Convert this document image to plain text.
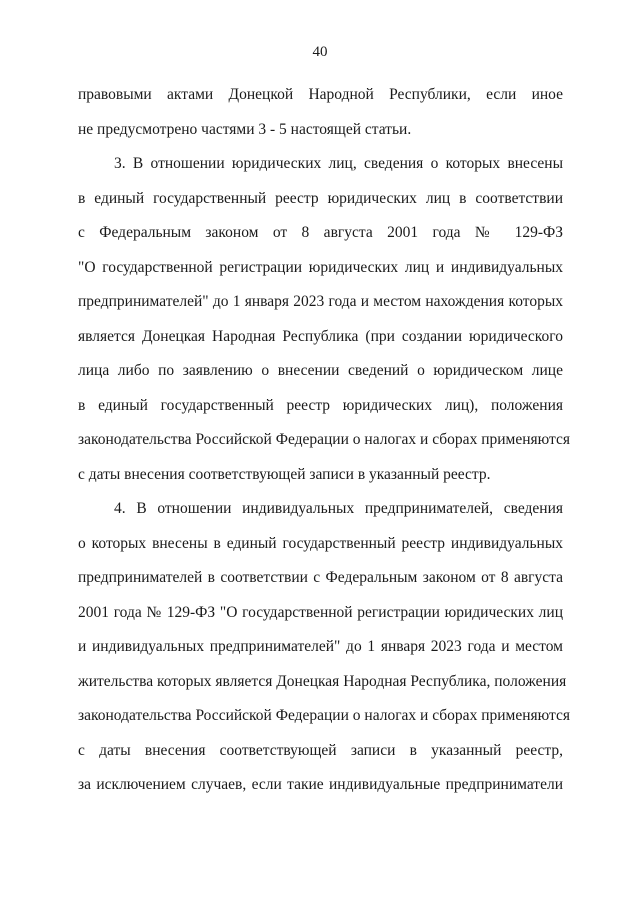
40
правовыми актами Донецкой Народной Республики, если иное
не предусмотрено частями 3 - 5 настоящей статьи.
3. В отношении юридических лиц, сведения о которых внесены
в единый государственный реестр юридических лиц в соответствии
с Федеральным законом от 8 августа 2001 года № 129-ФЗ
"О государственной регистрации юридических лиц и индивидуальных
предпринимателей" до 1 января 2023 года и местом нахождения которых
является Донецкая Народная Республика (при создании юридического
лица либо по заявлению о внесении сведений о юридическом лице
в единый государственный реестр юридических лиц), положения
законодательства Российской Федерации о налогах и сборах применяются
с даты внесения соответствующей записи в указанный реестр.
4. В отношении индивидуальных предпринимателей, сведения
о которых внесены в единый государственный реестр индивидуальных
предпринимателей в соответствии с Федеральным законом от 8 августа
2001 года № 129-ФЗ "О государственной регистрации юридических лиц
и индивидуальных предпринимателей" до 1 января 2023 года и местом
жительства которых является Донецкая Народная Республика, положения
законодательства Российской Федерации о налогах и сборах применяются
с даты внесения соответствующей записи в указанный реестр,
за исключением случаев, если такие индивидуальные предприниматели
